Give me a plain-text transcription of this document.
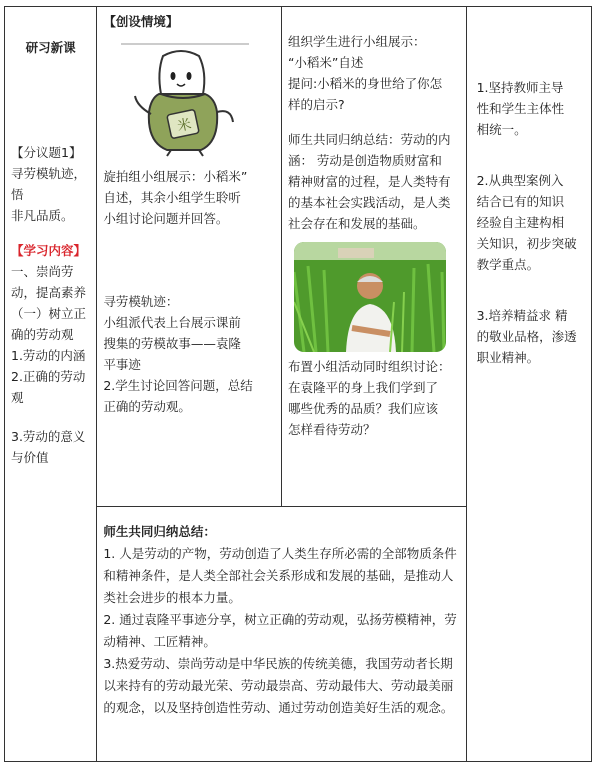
研习新课
【分议题1】
寻劳模轨迹，
悟
非凡品质。
【学习内容】
一、崇尚劳
动，提高素养
（一）树立正
确的劳动观
1.劳动的内涵
2.正确的劳动
观
3.劳动的意义
与价值

【创设情境】
米
旋拍组小组展示：小稻米”
自述，其余小组学生聆听
小组讨论问题并回答。
寻劳模轨迹：
小组派代表上台展示课前
搜集的劳模故事——袁隆
平事迹
2.学生讨论回答问题，总结
正确的劳动观。

组织学生进行小组展示：
“小稻米”自述
提问:小稻米的身世给了你怎
样的启示?
师生共同归纳总结：劳动的内
涵： 劳动是创造物质财富和
精神财富的过程，是人类特有
的基本社会实践活动，是人类
社会存在和发展的基础。
布置小组活动同时组织讨论：
在袁隆平的身上我们学到了
哪些优秀的品质？我们应该
怎样看待劳动？

1.坚持教师主导
性和学生主体性
相统一。
2.从典型案例入
结合已有的知识
经验自主建构相
关知识，初步突破
教学重点。
3.培养精益求 精
的敬业品格，渗透
职业精神。

师生共同归纳总结：
1. 人是劳动的产物，劳动创造了人类生存所必需的全部物质条件和精神条件，是人类全部社会关系形成和发展的基础，是推动人类社会进步的根本力量。
2. 通过袁隆平事迹分享，树立正确的劳动观，弘扬劳模精神，劳动精神、工匠精神。
3.热爱劳动、崇尚劳动是中华民族的传统美德，我国劳动者长期以来持有的劳动最光荣、劳动最崇高、劳动最伟大、劳动最美丽的观念，以及坚持创造性劳动、通过劳动创造美好生活的观念。
